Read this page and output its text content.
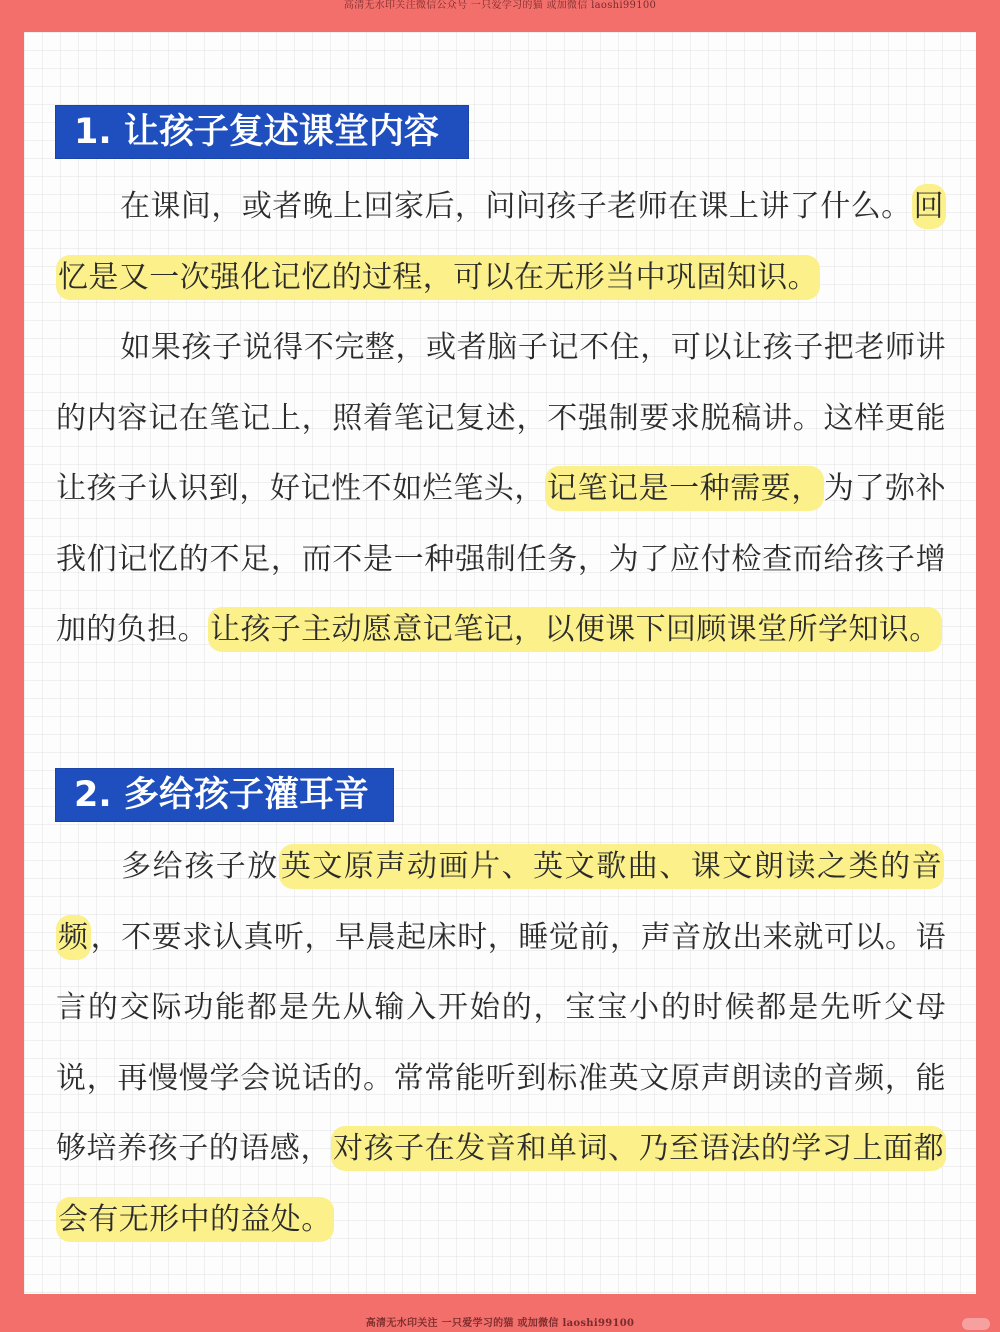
高清无水印关注微信公众号 一只爱学习的猫 或加微信 laoshi99100
1. 让孩子复述课堂内容

在课间，或者晚上回家后，问问孩子老师在课上讲了什么。回忆是又一次强化记忆的过程，可以在无形当中巩固知识。

如果孩子说得不完整，或者脑子记不住，可以让孩子把老师讲的内容记在笔记上，照着笔记复述，不强制要求脱稿讲。这样更能让孩子认识到，好记性不如烂笔头，记笔记是一种需要，为了弥补我们记忆的不足，而不是一种强制任务，为了应付检查而给孩子增加的负担。让孩子主动愿意记笔记，以便课下回顾课堂所学知识。

2. 多给孩子灌耳音

多给孩子放英文原声动画片、英文歌曲、课文朗读之类的音频，不要求认真听，早晨起床时，睡觉前，声音放出来就可以。语言的交际功能都是先从输入开始的，宝宝小的时候都是先听父母说，再慢慢学会说话的。常常能听到标准英文原声朗读的音频，能够培养孩子的语感，对孩子在发音和单词、乃至语法的学习上面都会有无形中的益处。

高清无水印关注 一只爱学习的猫 或加微信 laoshi99100
